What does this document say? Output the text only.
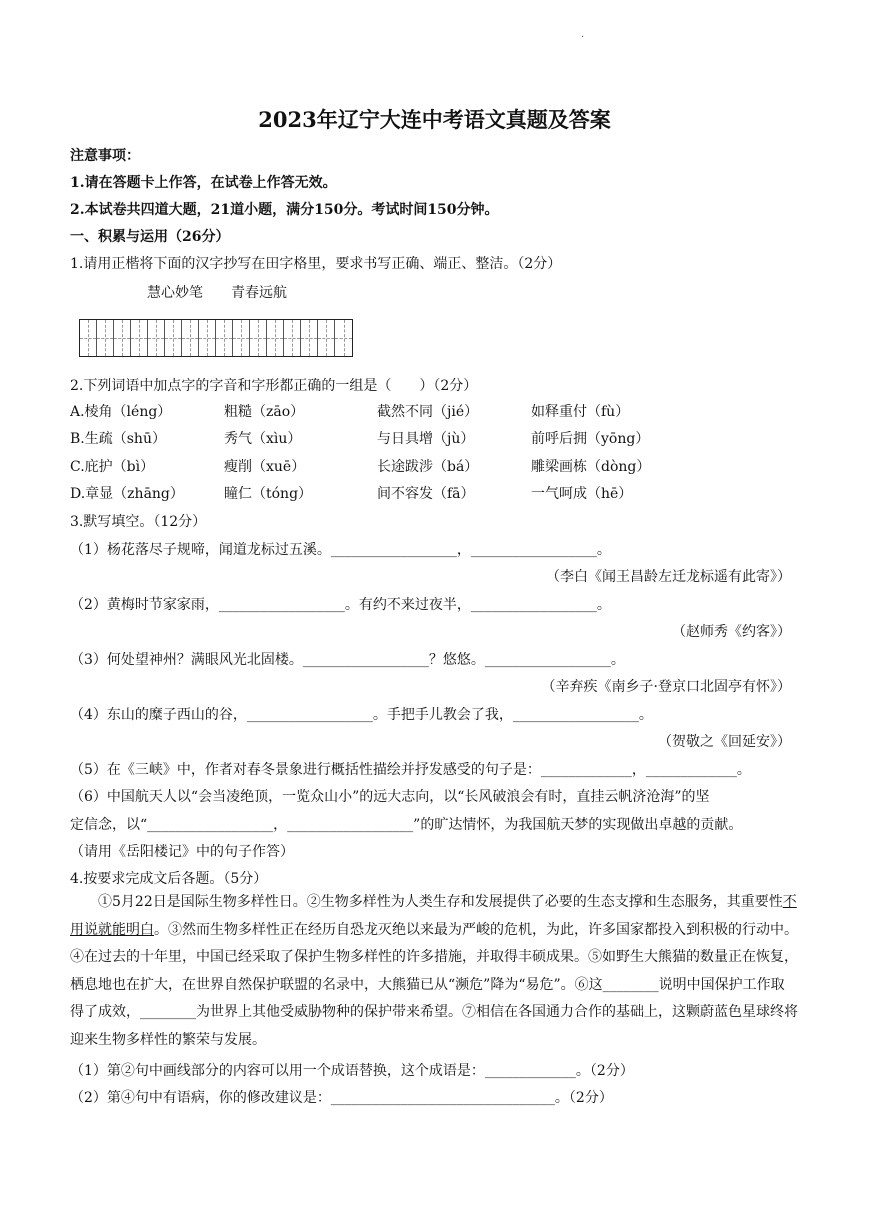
·
2023年辽宁大连中考语文真题及答案
注意事项：
1.请在答题卡上作答，在试卷上作答无效。
2.本试卷共四道大题，21道小题，满分150分。考试时间150分钟。
一、积累与运用（26分）
1.请用正楷将下面的汉字抄写在田字格里，要求书写正确、端正、整洁。（2分）
慧心妙笔 青春远航
2.下列词语中加点字的字音和字形都正确的一组是（　　）（2分）
A.棱角（léng）	粗糙（zāo）	截然不同（jié）	如释重付（fù）
B.生疏（shū）	秀气（xìu）	与日具增（jù）	前呼后拥（yōng）
C.庇护（bì）	瘦削（xuē）	长途跋涉（bá）	雕梁画栋（dòng）
D.章显（zhāng）	瞳仁（tóng）	间不容发（fā）	一气呵成（hē）
3.默写填空。（12分）
（1）杨花落尽子规啼，闻道龙标过五溪。__________________，__________________。
（李白《闻王昌龄左迁龙标遥有此寄》）
（2）黄梅时节家家雨，__________________。有约不来过夜半，__________________。
（赵师秀《约客》）
（3）何处望神州？满眼风光北固楼。__________________？悠悠。__________________。
（辛弃疾《南乡子·登京口北固亭有怀》）
（4）东山的糜子西山的谷，__________________。手把手儿教会了我，__________________。
（贺敬之《回延安》）
（5）在《三峡》中，作者对春冬景象进行概括性描绘并抒发感受的句子是：_____________，_____________。
（6）中国航天人以“会当凌绝顶，一览众山小”的远大志向，以“长风破浪会有时，直挂云帆济沧海”的坚
定信念，以“__________________，__________________”的旷达情怀，为我国航天梦的实现做出卓越的贡献。
（请用《岳阳楼记》中的句子作答）
4.按要求完成文后各题。（5分）
①5月22日是国际生物多样性日。②生物多样性为人类生存和发展提供了必要的生态支撑和生态服务，其重要性不用说就能明白。③然而生物多样性正在经历自恐龙灭绝以来最为严峻的危机，为此，许多国家都投入到积极的行动中。④在过去的十年里，中国已经采取了保护生物多样性的许多措施，并取得丰硕成果。⑤如野生大熊猫的数量正在恢复，栖息地也在扩大，在世界自然保护联盟的名录中，大熊猫已从“濒危”降为“易危”。⑥这________说明中国保护工作取得了成效，________为世界上其他受威胁物种的保护带来希望。⑦相信在各国通力合作的基础上，这颗蔚蓝色星球终将迎来生物多样性的繁荣与发展。
（1）第②句中画线部分的内容可以用一个成语替换，这个成语是：_____________。（2分）
（2）第④句中有语病，你的修改建议是：________________________________。（2分）
